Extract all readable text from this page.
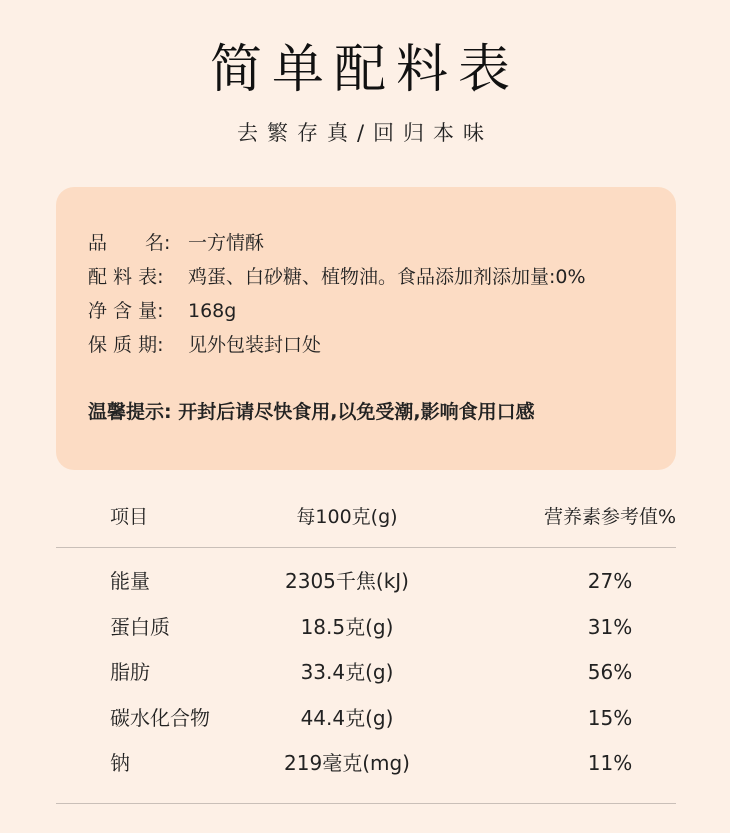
简单配料表
去繁存真/回归本味
品　　名: 一方情酥
配 料 表: 鸡蛋、白砂糖、植物油。食品添加剂添加量:0%
净 含 量: 168g
保 质 期: 见外包装封口处
温馨提示: 开封后请尽快食用,以免受潮,影响食用口感
项目	每100克(g)	营养素参考值%
能量	2305千焦(kJ)	27%
蛋白质	18.5克(g)	31%
脂肪	33.4克(g)	56%
碳水化合物	44.4克(g)	15%
钠	219毫克(mg)	11%
